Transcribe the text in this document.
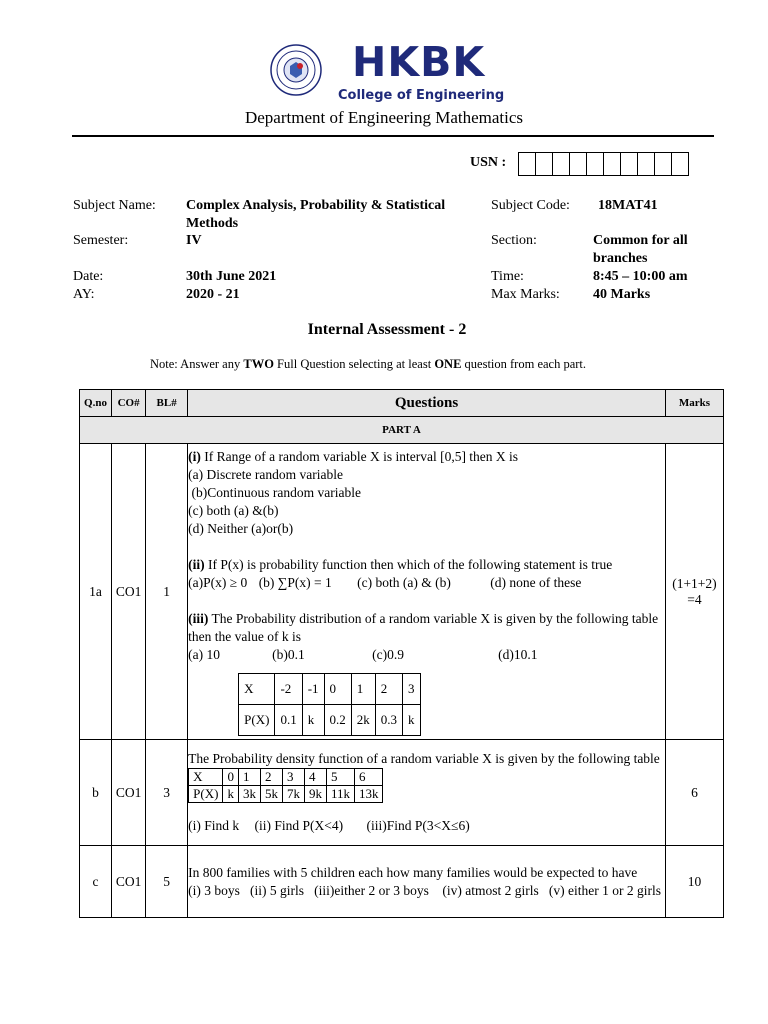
HKBK
College of Engineering
Department of Engineering Mathematics
USN :
Subject Name: Complex Analysis, Probability & Statistical Methods
Subject Code: 18MAT41
Semester:	IV	Section:	Common for all branches
Date:	30th June 2021	Time:	8:45 – 10:00 am
AY:	2020 - 21	Max Marks: 40 Marks
Internal Assessment - 2
Note: Answer any TWO Full Question selecting at least ONE question from each part.
Q.no	CO#	BL#	Questions	Marks
PART A
1a	CO1	1	

(i) If Range of a random variable X is interval [0,5] then X is

(a) Discrete random variable

(b)Continuous random variable

(c) both (a) &(b)

(d) Neither (a)or(b)

(ii) If P(x) is probability function then which of the following statement is true

(a)P(x) ≥ 0 (b) ∑P(x) = 1 (c) both (a) & (b)	(d) none of these

(iii) The Probability distribution of a random variable X is given by the following table then the value of k is

(a) 10	(b)0.1	(c)0.9	(d)10.1

X	-2	-1	0	1	2	3
P(X)	0.1	k	0.2	2k	0.3	k
	(1+1+2)
=4
b	CO1	3	

The Probability density function of a random variable X is given by the following table

X	0	1	2	3	4	5	6
P(X)	k	3k	5k	7k	9k	11k	13k

(i) Find k (ii) Find P(X<4) (iii)Find P(3<X≤6)

	6
c	CO1	5	

In 800 families with 5 children each how many families would be expected to have

(i) 3 boys   (ii) 5 girls   (iii)either 2 or 3 boys    (iv) atmost 2 girls   (v) either 1 or 2 girls

	10
